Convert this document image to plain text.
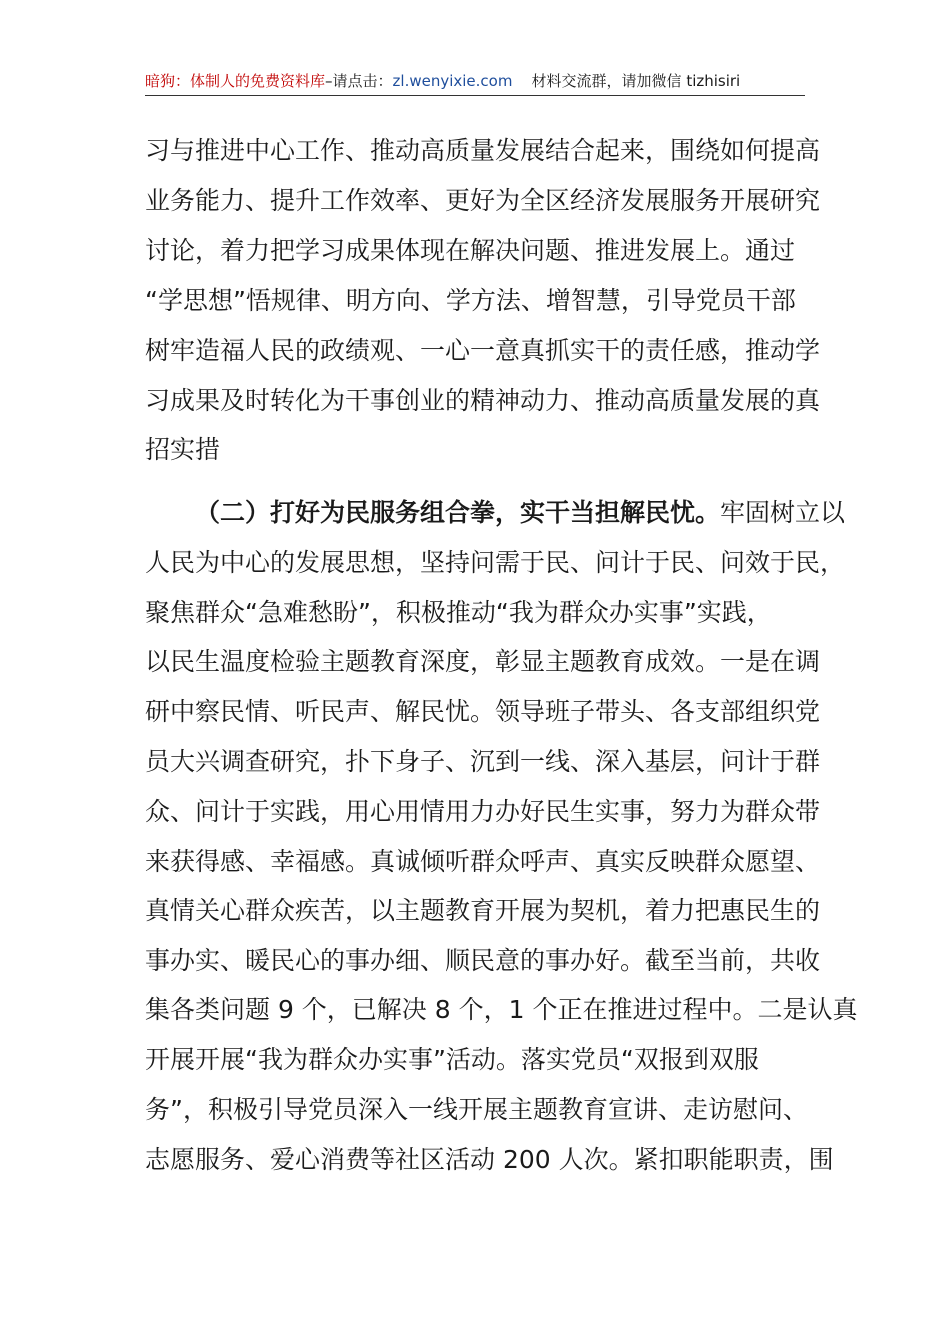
暗狗：体制人的免费资料库–请点击：zl.wenyixie.com 材料交流群，请加微信 tizhisiri
习与推进中心工作、推动高质量发展结合起来，围绕如何提高
业务能力、提升工作效率、更好为全区经济发展服务开展研究
讨论，着力把学习成果体现在解决问题、推进发展上。通过
“学思想”悟规律、明方向、学方法、增智慧，引导党员干部
树牢造福人民的政绩观、一心一意真抓实干的责任感，推动学
习成果及时转化为干事创业的精神动力、推动高质量发展的真
招实措
（二）打好为民服务组合拳，实干当担解民忧。牢固树立以
人民为中心的发展思想，坚持问需于民、问计于民、问效于民，
聚焦群众“急难愁盼”，积极推动“我为群众办实事”实践，
以民生温度检验主题教育深度，彰显主题教育成效。一是在调
研中察民情、听民声、解民忧。领导班子带头、各支部组织党
员大兴调查研究，扑下身子、沉到一线、深入基层，问计于群
众、问计于实践，用心用情用力办好民生实事，努力为群众带
来获得感、幸福感。真诚倾听群众呼声、真实反映群众愿望、
真情关心群众疾苦，以主题教育开展为契机，着力把惠民生的
事办实、暖民心的事办细、顺民意的事办好。截至当前，共收
集各类问题 9 个，已解决 8 个，1 个正在推进过程中。二是认真
开展开展“我为群众办实事”活动。落实党员“双报到双服
务”，积极引导党员深入一线开展主题教育宣讲、走访慰问、
志愿服务、爱心消费等社区活动 200 人次。紧扣职能职责，围
